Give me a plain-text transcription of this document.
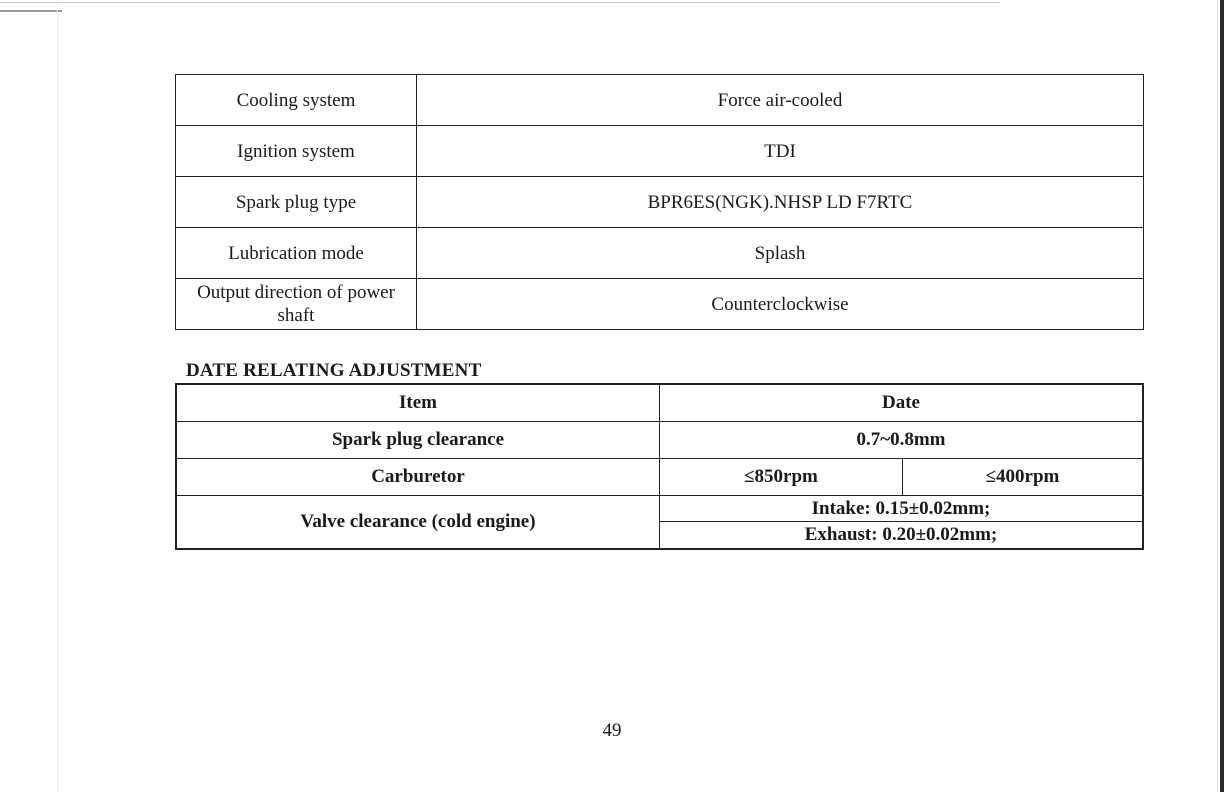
Cooling system	Force air-cooled
Ignition system	TDI
Spark plug type	BPR6ES(NGK).NHSP LD F7RTC
Lubrication mode	Splash
Output direction of power shaft	Counterclockwise
DATE RELATING ADJUSTMENT
Item	Date	
Spark plug clearance	0.7~0.8mm	
Carburetor	≤850rpm	≤400rpm
Valve clearance (cold engine)	Intake: 0.15±0.02mm;	
	Exhaust: 0.20±0.02mm;	
49
